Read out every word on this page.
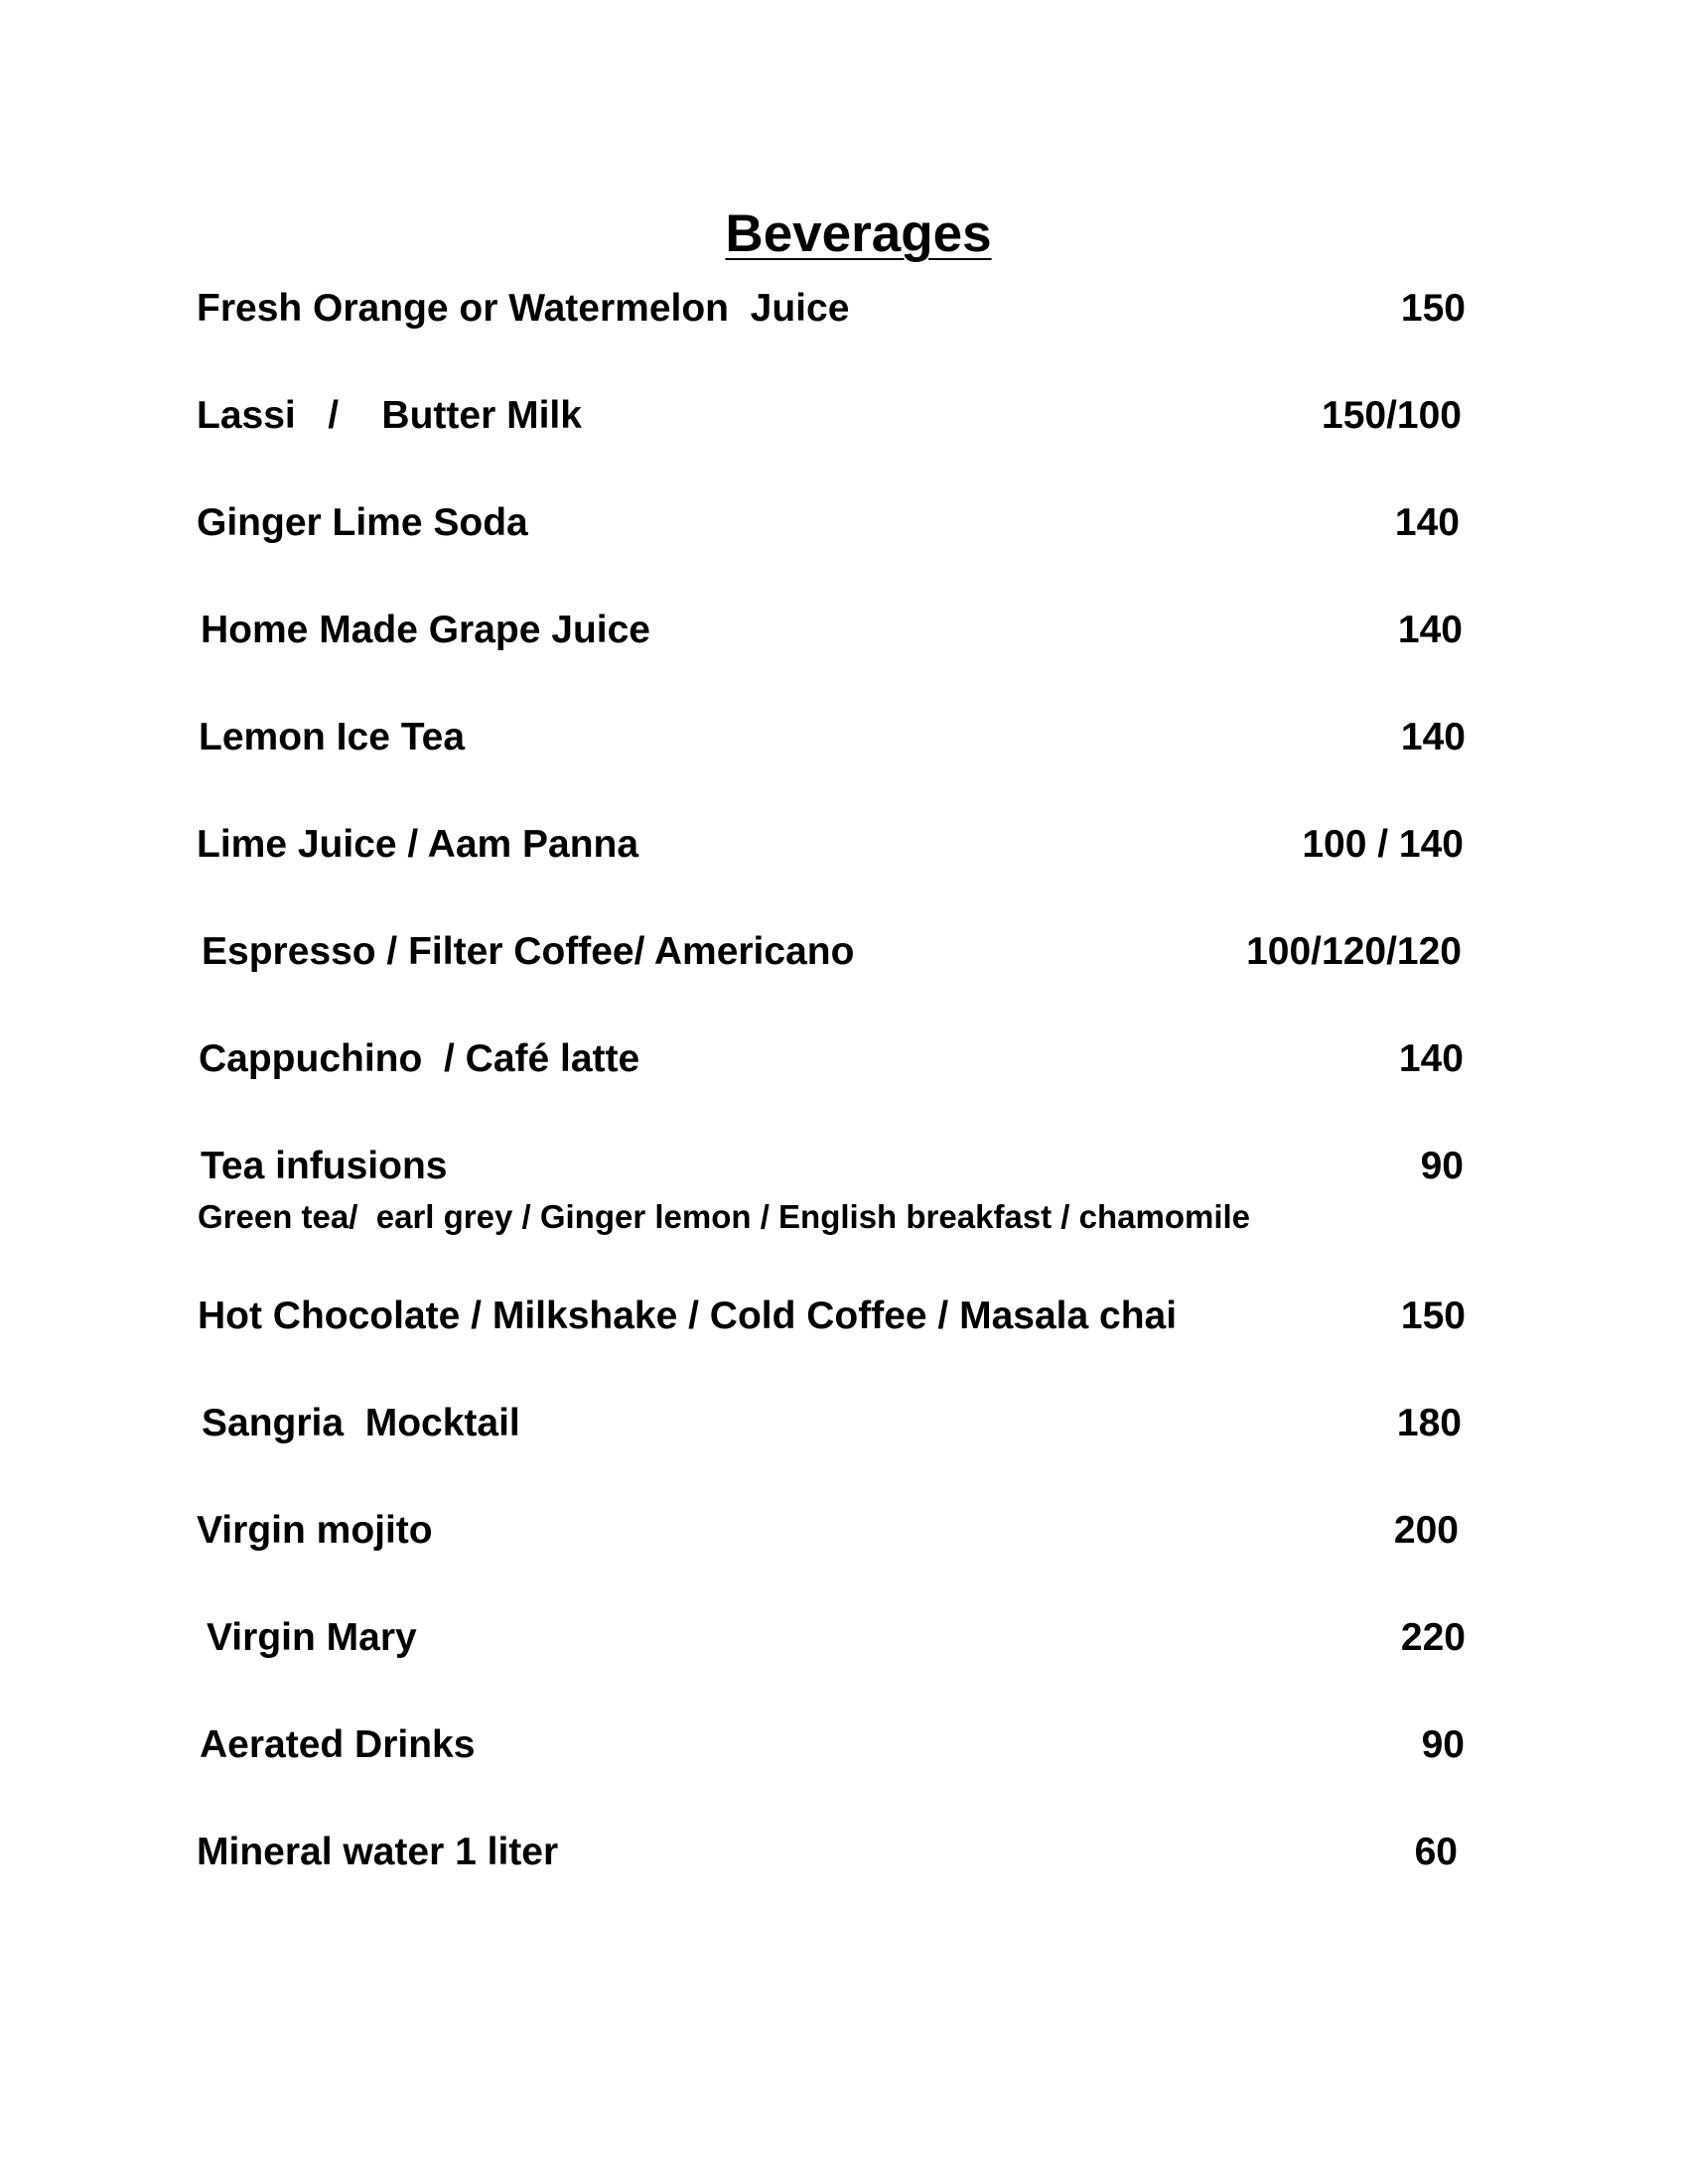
Beverages
Fresh Orange or Watermelon  Juice	150
Lassi   /    Butter Milk	150/100
Ginger Lime Soda	140
Home Made Grape Juice	140
Lemon Ice Tea	140
Lime Juice / Aam Panna	100 / 140
Espresso / Filter Coffee/ Americano	100/120/120
Cappuchino  / Café latte	140
Tea infusions	90
Green tea/  earl grey / Ginger lemon / English breakfast / chamomile
Hot Chocolate / Milkshake / Cold Coffee / Masala chai	150
Sangria  Mocktail	180
Virgin mojito	200
Virgin Mary	220
Aerated Drinks	90
Mineral water 1 liter	60
